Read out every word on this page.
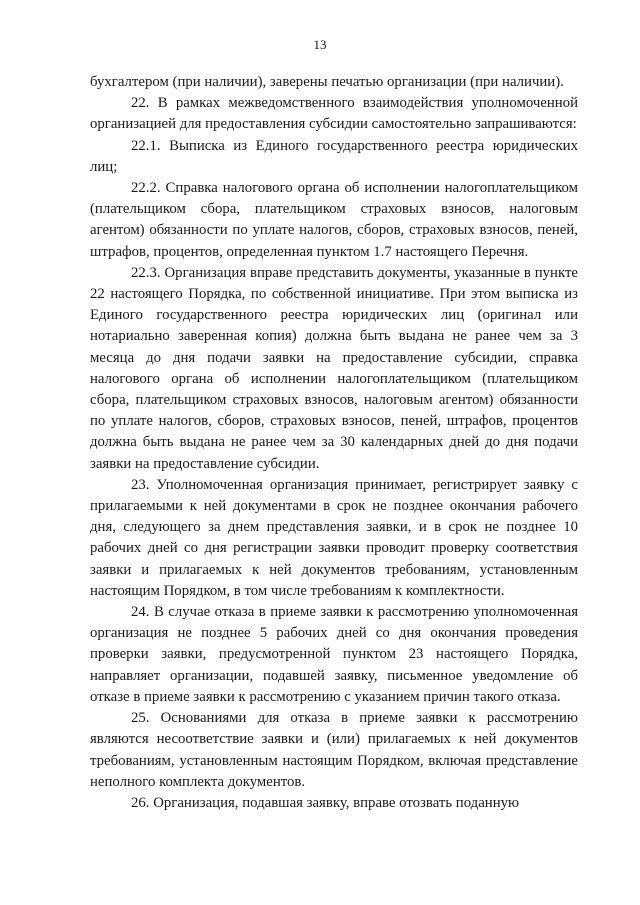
13

бухгалтером (при наличии), заверены печатью организации (при наличии).

22. В рамках межведомственного взаимодействия уполномоченной организацией для предоставления субсидии самостоятельно запрашиваются:

22.1. Выписка из Единого государственного реестра юридических лиц;

22.2. Справка налогового органа об исполнении налогоплательщиком (плательщиком сбора, плательщиком страховых взносов, налоговым агентом) обязанности по уплате налогов, сборов, страховых взносов, пеней, штрафов, процентов, определенная пунктом 1.7 настоящего Перечня.

22.3. Организация вправе представить документы, указанные в пункте 22 настоящего Порядка, по собственной инициативе. При этом выписка из Единого государственного реестра юридических лиц (оригинал или нотариально заверенная копия) должна быть выдана не ранее чем за 3 месяца до дня подачи заявки на предоставление субсидии, справка налогового органа об исполнении налогоплательщиком (плательщиком сбора, плательщиком страховых взносов, налоговым агентом) обязанности по уплате налогов, сборов, страховых взносов, пеней, штрафов, процентов должна быть выдана не ранее чем за 30 календарных дней до дня подачи заявки на предоставление субсидии.

23. Уполномоченная организация принимает, регистрирует заявку с прилагаемыми к ней документами в срок не позднее окончания рабочего дня, следующего за днем представления заявки, и в срок не позднее 10 рабочих дней со дня регистрации заявки проводит проверку соответствия заявки и прилагаемых к ней документов требованиям, установленным настоящим Порядком, в том числе требованиям к комплектности.

24. В случае отказа в приеме заявки к рассмотрению уполномоченная организация не позднее 5 рабочих дней со дня окончания проведения проверки заявки, предусмотренной пунктом 23 настоящего Порядка, направляет организации, подавшей заявку, письменное уведомление об отказе в приеме заявки к рассмотрению с указанием причин такого отказа.

25. Основаниями для отказа в приеме заявки к рассмотрению являются несоответствие заявки и (или) прилагаемых к ней документов требованиям, установленным настоящим Порядком, включая представление неполного комплекта документов.

26. Организация, подавшая заявку, вправе отозвать поданную
